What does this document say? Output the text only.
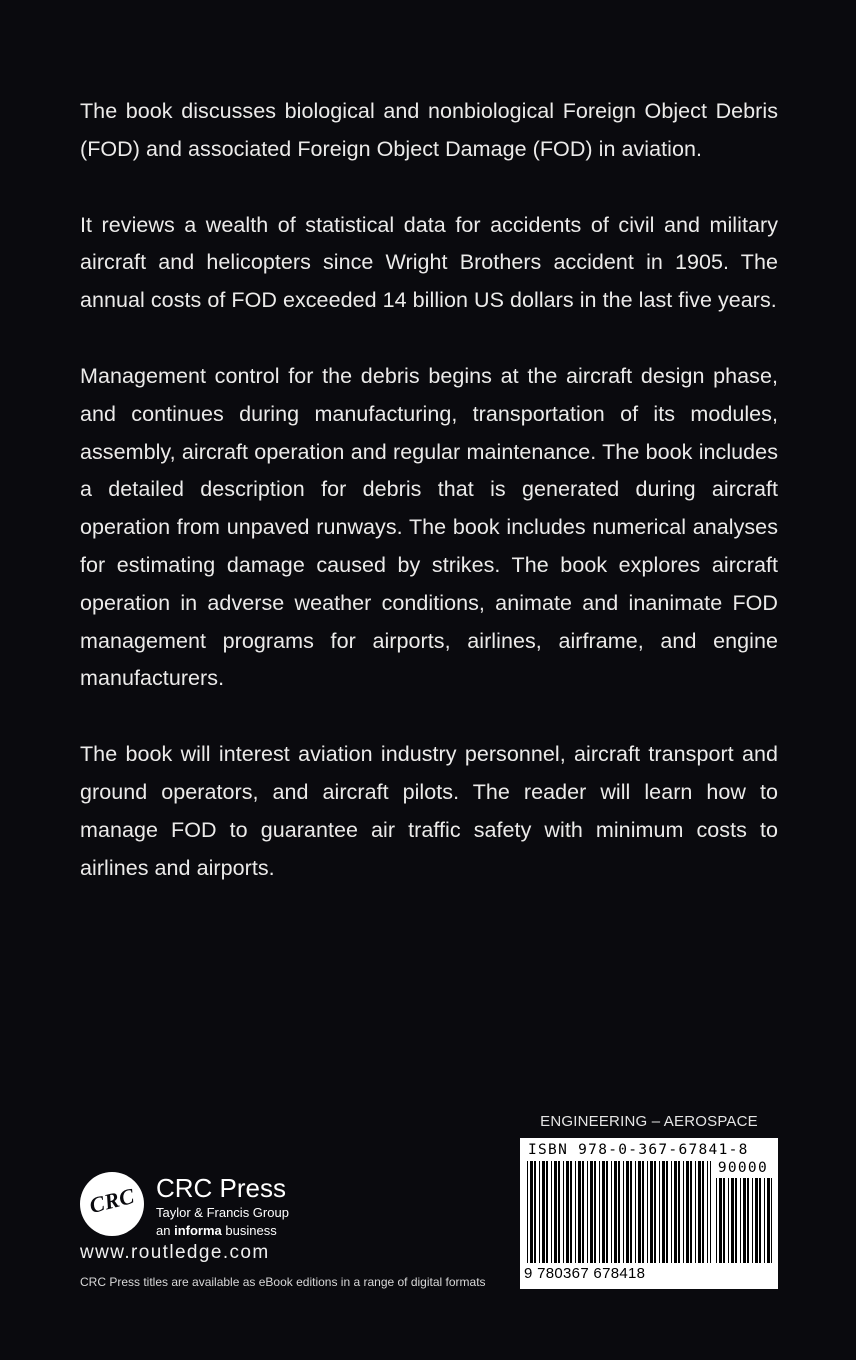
The book discusses biological and nonbiological Foreign Object Debris (FOD) and associated Foreign Object Damage (FOD) in aviation.

It reviews a wealth of statistical data for accidents of civil and military aircraft and helicopters since Wright Brothers accident in 1905. The annual costs of FOD exceeded 14 billion US dollars in the last five years.

Management control for the debris begins at the aircraft design phase, and continues during manufacturing, transportation of its modules, assembly, aircraft operation and regular maintenance. The book includes a detailed description for debris that is generated during aircraft operation from unpaved runways. The book includes numerical analyses for estimating damage caused by strikes. The book explores aircraft operation in adverse weather conditions, animate and inanimate FOD management programs for airports, airlines, airframe, and engine manufacturers.

The book will interest aviation industry personnel, aircraft transport and ground operators, and aircraft pilots. The reader will learn how to manage FOD to guarantee air traffic safety with minimum costs to airlines and airports.

ENGINEERING – AEROSPACE
ISBN 978-0-367-67841-8
90000
9 780367 678418
CRC CRC Press
Taylor & Francis Group
an informa business
www.routledge.com
CRC Press titles are available as eBook editions in a range of digital formats
